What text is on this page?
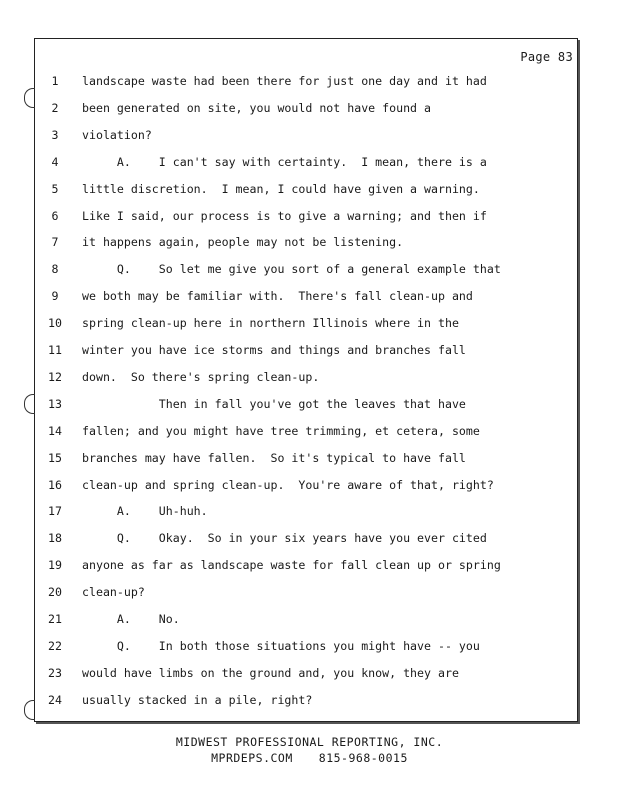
Page 83
1	landscape waste had been there for just one day and it had
2	been generated on site, you would not have found a
3	violation?
4	A.    I can't say with certainty.  I mean, there is a
5	little discretion.  I mean, I could have given a warning.
6	Like I said, our process is to give a warning; and then if
7	it happens again, people may not be listening.
8	Q.    So let me give you sort of a general example that
9	we both may be familiar with.  There's fall clean-up and
10	spring clean-up here in northern Illinois where in the
11	winter you have ice storms and things and branches fall
12	down.  So there's spring clean-up.
13	Then in fall you've got the leaves that have
14	fallen; and you might have tree trimming, et cetera, some
15	branches may have fallen.  So it's typical to have fall
16	clean-up and spring clean-up.  You're aware of that, right?
17	A.    Uh-huh.
18	Q.    Okay.  So in your six years have you ever cited
19	anyone as far as landscape waste for fall clean up or spring
20	clean-up?
21	A.    No.
22	Q.    In both those situations you might have -- you
23	would have limbs on the ground and, you know, they are
24	usually stacked in a pile, right?
MIDWEST PROFESSIONAL REPORTING, INC.
MPRDEPS.COM 815-968-0015
